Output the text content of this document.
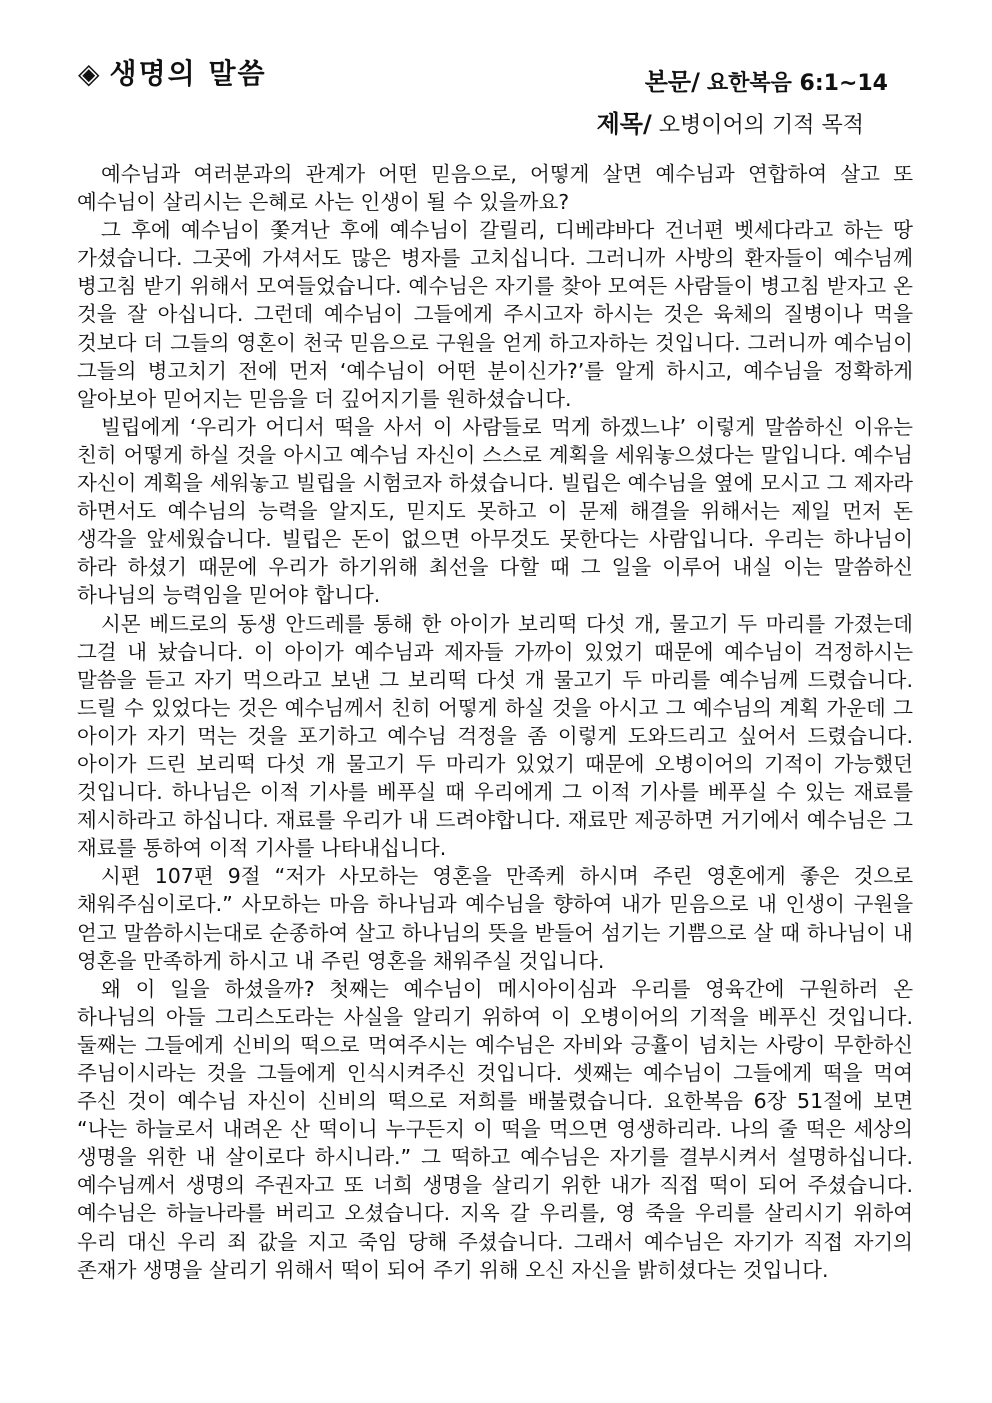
◈ 생명의 말씀	본문/ 요한복음 6:1~14
제목/ 오병이어의 기적 목적

예수님과 여러분과의 관계가 어떤 믿음으로, 어떻게 살면 예수님과 연합하여 살고 또 예수님이 살리시는 은혜로 사는 인생이 될 수 있을까요?

그 후에 예수님이 쫓겨난 후에 예수님이 갈릴리, 디베랴바다 건너편 벳세다라고 하는 땅 가셨습니다. 그곳에 가셔서도 많은 병자를 고치십니다. 그러니까 사방의 환자들이 예수님께 병고침 받기 위해서 모여들었습니다. 예수님은 자기를 찾아 모여든 사람들이 병고침 받자고 온 것을 잘 아십니다. 그런데 예수님이 그들에게 주시고자 하시는 것은 육체의 질병이나 먹을 것보다 더 그들의 영혼이 천국 믿음으로 구원을 얻게 하고자하는 것입니다. 그러니까 예수님이 그들의 병고치기 전에 먼저 ‘예수님이 어떤 분이신가?’를 알게 하시고, 예수님을 정확하게 알아보아 믿어지는 믿음을 더 깊어지기를 원하셨습니다.

빌립에게 ‘우리가 어디서 떡을 사서 이 사람들로 먹게 하겠느냐’ 이렇게 말씀하신 이유는 친히 어떻게 하실 것을 아시고 예수님 자신이 스스로 계획을 세워놓으셨다는 말입니다. 예수님 자신이 계획을 세워놓고 빌립을 시험코자 하셨습니다. 빌립은 예수님을 옆에 모시고 그 제자라 하면서도 예수님의 능력을 알지도, 믿지도 못하고 이 문제 해결을 위해서는 제일 먼저 돈 생각을 앞세웠습니다. 빌립은 돈이 없으면 아무것도 못한다는 사람입니다. 우리는 하나님이 하라 하셨기 때문에 우리가 하기위해 최선을 다할 때 그 일을 이루어 내실 이는 말씀하신 하나님의 능력임을 믿어야 합니다.

시몬 베드로의 동생 안드레를 통해 한 아이가 보리떡 다섯 개, 물고기 두 마리를 가졌는데 그걸 내 놨습니다. 이 아이가 예수님과 제자들 가까이 있었기 때문에 예수님이 걱정하시는 말씀을 듣고 자기 먹으라고 보낸 그 보리떡 다섯 개 물고기 두 마리를 예수님께 드렸습니다. 드릴 수 있었다는 것은 예수님께서 친히 어떻게 하실 것을 아시고 그 예수님의 계획 가운데 그 아이가 자기 먹는 것을 포기하고 예수님 걱정을 좀 이렇게 도와드리고 싶어서 드렸습니다. 아이가 드린 보리떡 다섯 개 물고기 두 마리가 있었기 때문에 오병이어의 기적이 가능했던 것입니다. 하나님은 이적 기사를 베푸실 때 우리에게 그 이적 기사를 베푸실 수 있는 재료를 제시하라고 하십니다. 재료를 우리가 내 드려야합니다. 재료만 제공하면 거기에서 예수님은 그 재료를 통하여 이적 기사를 나타내십니다.

시편 107편 9절 “저가 사모하는 영혼을 만족케 하시며 주린 영혼에게 좋은 것으로 채워주심이로다.” 사모하는 마음 하나님과 예수님을 향하여 내가 믿음으로 내 인생이 구원을 얻고 말씀하시는대로 순종하여 살고 하나님의 뜻을 받들어 섬기는 기쁨으로 살 때 하나님이 내 영혼을 만족하게 하시고 내 주린 영혼을 채워주실 것입니다.

왜 이 일을 하셨을까? 첫째는 예수님이 메시아이심과 우리를 영육간에 구원하러 온 하나님의 아들 그리스도라는 사실을 알리기 위하여 이 오병이어의 기적을 베푸신 것입니다. 둘째는 그들에게 신비의 떡으로 먹여주시는 예수님은 자비와 긍휼이 넘치는 사랑이 무한하신 주님이시라는 것을 그들에게 인식시켜주신 것입니다. 셋째는 예수님이 그들에게 떡을 먹여 주신 것이 예수님 자신이 신비의 떡으로 저희를 배불렸습니다. 요한복음 6장 51절에 보면 “나는 하늘로서 내려온 산 떡이니 누구든지 이 떡을 먹으면 영생하리라. 나의 줄 떡은 세상의 생명을 위한 내 살이로다 하시니라.” 그 떡하고 예수님은 자기를 결부시켜서 설명하십니다. 예수님께서 생명의 주권자고 또 너희 생명을 살리기 위한 내가 직접 떡이 되어 주셨습니다. 예수님은 하늘나라를 버리고 오셨습니다. 지옥 갈 우리를, 영 죽을 우리를 살리시기 위하여 우리 대신 우리 죄 값을 지고 죽임 당해 주셨습니다. 그래서 예수님은 자기가 직접 자기의 존재가 생명을 살리기 위해서 떡이 되어 주기 위해 오신 자신을 밝히셨다는 것입니다.
